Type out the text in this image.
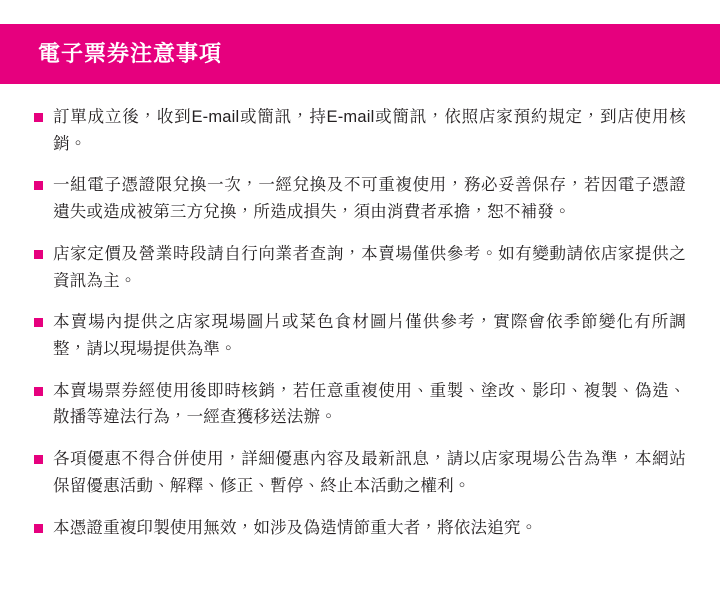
電子票券注意事項
訂單成立後，收到E-mail或簡訊，持E-mail或簡訊，依照店家預約規定，到店使用核銷。
一組電子憑證限兌換一次，一經兌換及不可重複使用，務必妥善保存，若因電子憑證遺失或造成被第三方兌換，所造成損失，須由消費者承擔，恕不補發。
店家定價及營業時段請自行向業者查詢，本賣場僅供參考。如有變動請依店家提供之資訊為主。
本賣場內提供之店家現場圖片或菜色食材圖片僅供參考，實際會依季節變化有所調整，請以現場提供為準。
本賣場票券經使用後即時核銷，若任意重複使用、重製、塗改、影印、複製、偽造、散播等違法行為，一經查獲移送法辦。
各項優惠不得合併使用，詳細優惠內容及最新訊息，請以店家現場公告為準，本網站保留優惠活動、解釋、修正、暫停、終止本活動之權利。
本憑證重複印製使用無效，如涉及偽造情節重大者，將依法追究。
